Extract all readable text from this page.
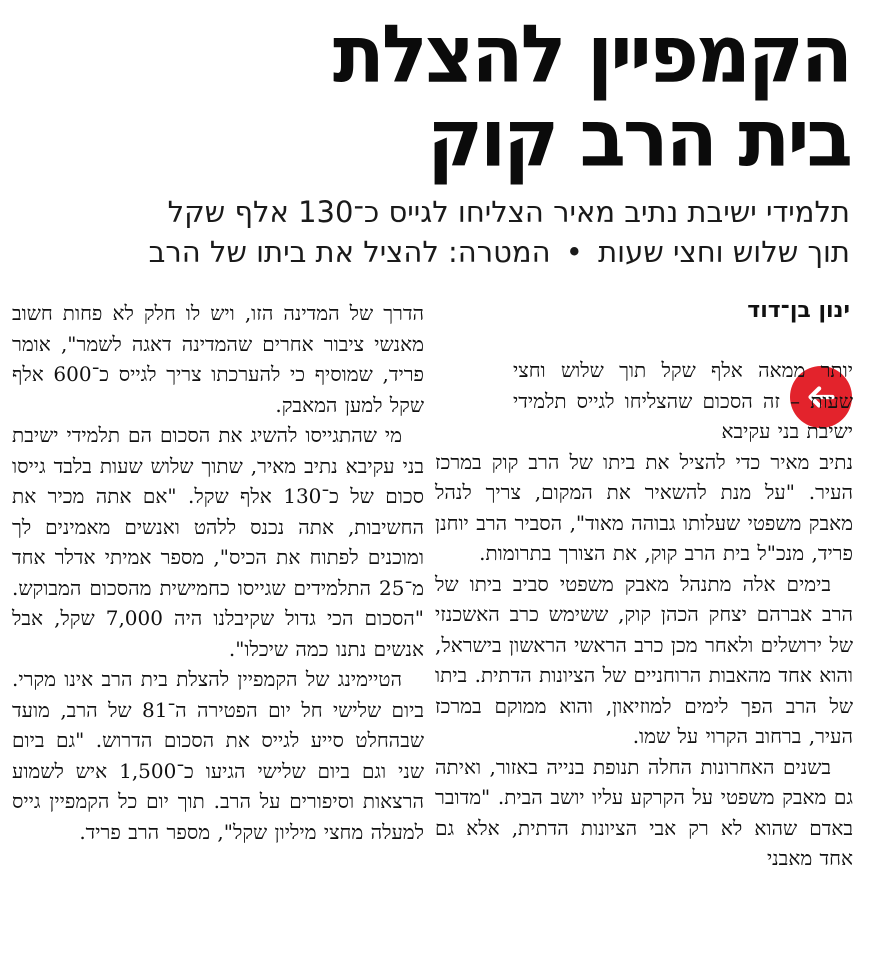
הקמפיין להצלת
בית הרב קוק
תלמידי ישיבת נתיב מאיר הצליחו לגייס כ־130 אלף שקל
תוך שלוש וחצי שעות • המטרה: להציל את ביתו של הרב
ינון בן־דוד

יותר ממאה אלף שקל תוך שלוש וחצי שעות – זה הסכום שהצליחו לגייס תלמידי ישיבת בני עקיבא

נתיב מאיר כדי להציל את ביתו של הרב קוק במרכז העיר. "על מנת להשאיר את המקום, צריך לנהל מאבק משפטי שעלותו גבוהה מאוד", הסביר הרב יוחנן פריד, מנכ"ל בית הרב קוק, את הצורך בתרומות.

בימים אלה מתנהל מאבק משפטי סביב ביתו של הרב אברהם יצחק הכהן קוק, ששימש כרב האשכנזי של ירושלים ולאחר מכן כרב הראשי הראשון בישראל, והוא אחד מהאבות הרוחניים של הציונות הדתית. ביתו של הרב הפך לימים למוזיאון, והוא ממוקם במרכז העיר, ברחוב הקרוי על שמו.

בשנים האחרונות החלה תנופת בנייה באזור, ואיתה גם מאבק משפטי על הקרקע עליו יושב הבית. "מדובר באדם שהוא לא רק אבי הציונות הדתית, אלא גם אחד מאבני

הדרך של המדינה הזו, ויש לו חלק לא פחות חשוב מאנשי ציבור אחרים שהמדינה דאגה לשמר", אומר פריד, שמוסיף כי להערכתו צריך לגייס כ־600 אלף שקל למען המאבק.

מי שהתגייסו להשיג את הסכום הם תלמידי ישיבת בני עקיבא נתיב מאיר, שתוך שלוש שעות בלבד גייסו סכום של כ־130 אלף שקל. "אם אתה מכיר את החשיבות, אתה נכנס ללהט ואנשים מאמינים לך ומוכנים לפתוח את הכיס", מספר אמיתי אדלר אחד מ־25 התלמידים שגייסו כחמישית מהסכום המבוקש. "הסכום הכי גדול שקיבלנו היה 7,000 שקל, אבל אנשים נתנו כמה שיכלו".

הטיימינג של הקמפיין להצלת בית הרב אינו מקרי. ביום שלישי חל יום הפטירה ה־81 של הרב, מועד שבהחלט סייע לגייס את הסכום הדרוש. "גם ביום שני וגם ביום שלישי הגיעו כ־1,500 איש לשמוע הרצאות וסיפורים על הרב. תוך יום כל הקמפיין גייס למעלה מחצי מיליון שקל", מספר הרב פריד.
